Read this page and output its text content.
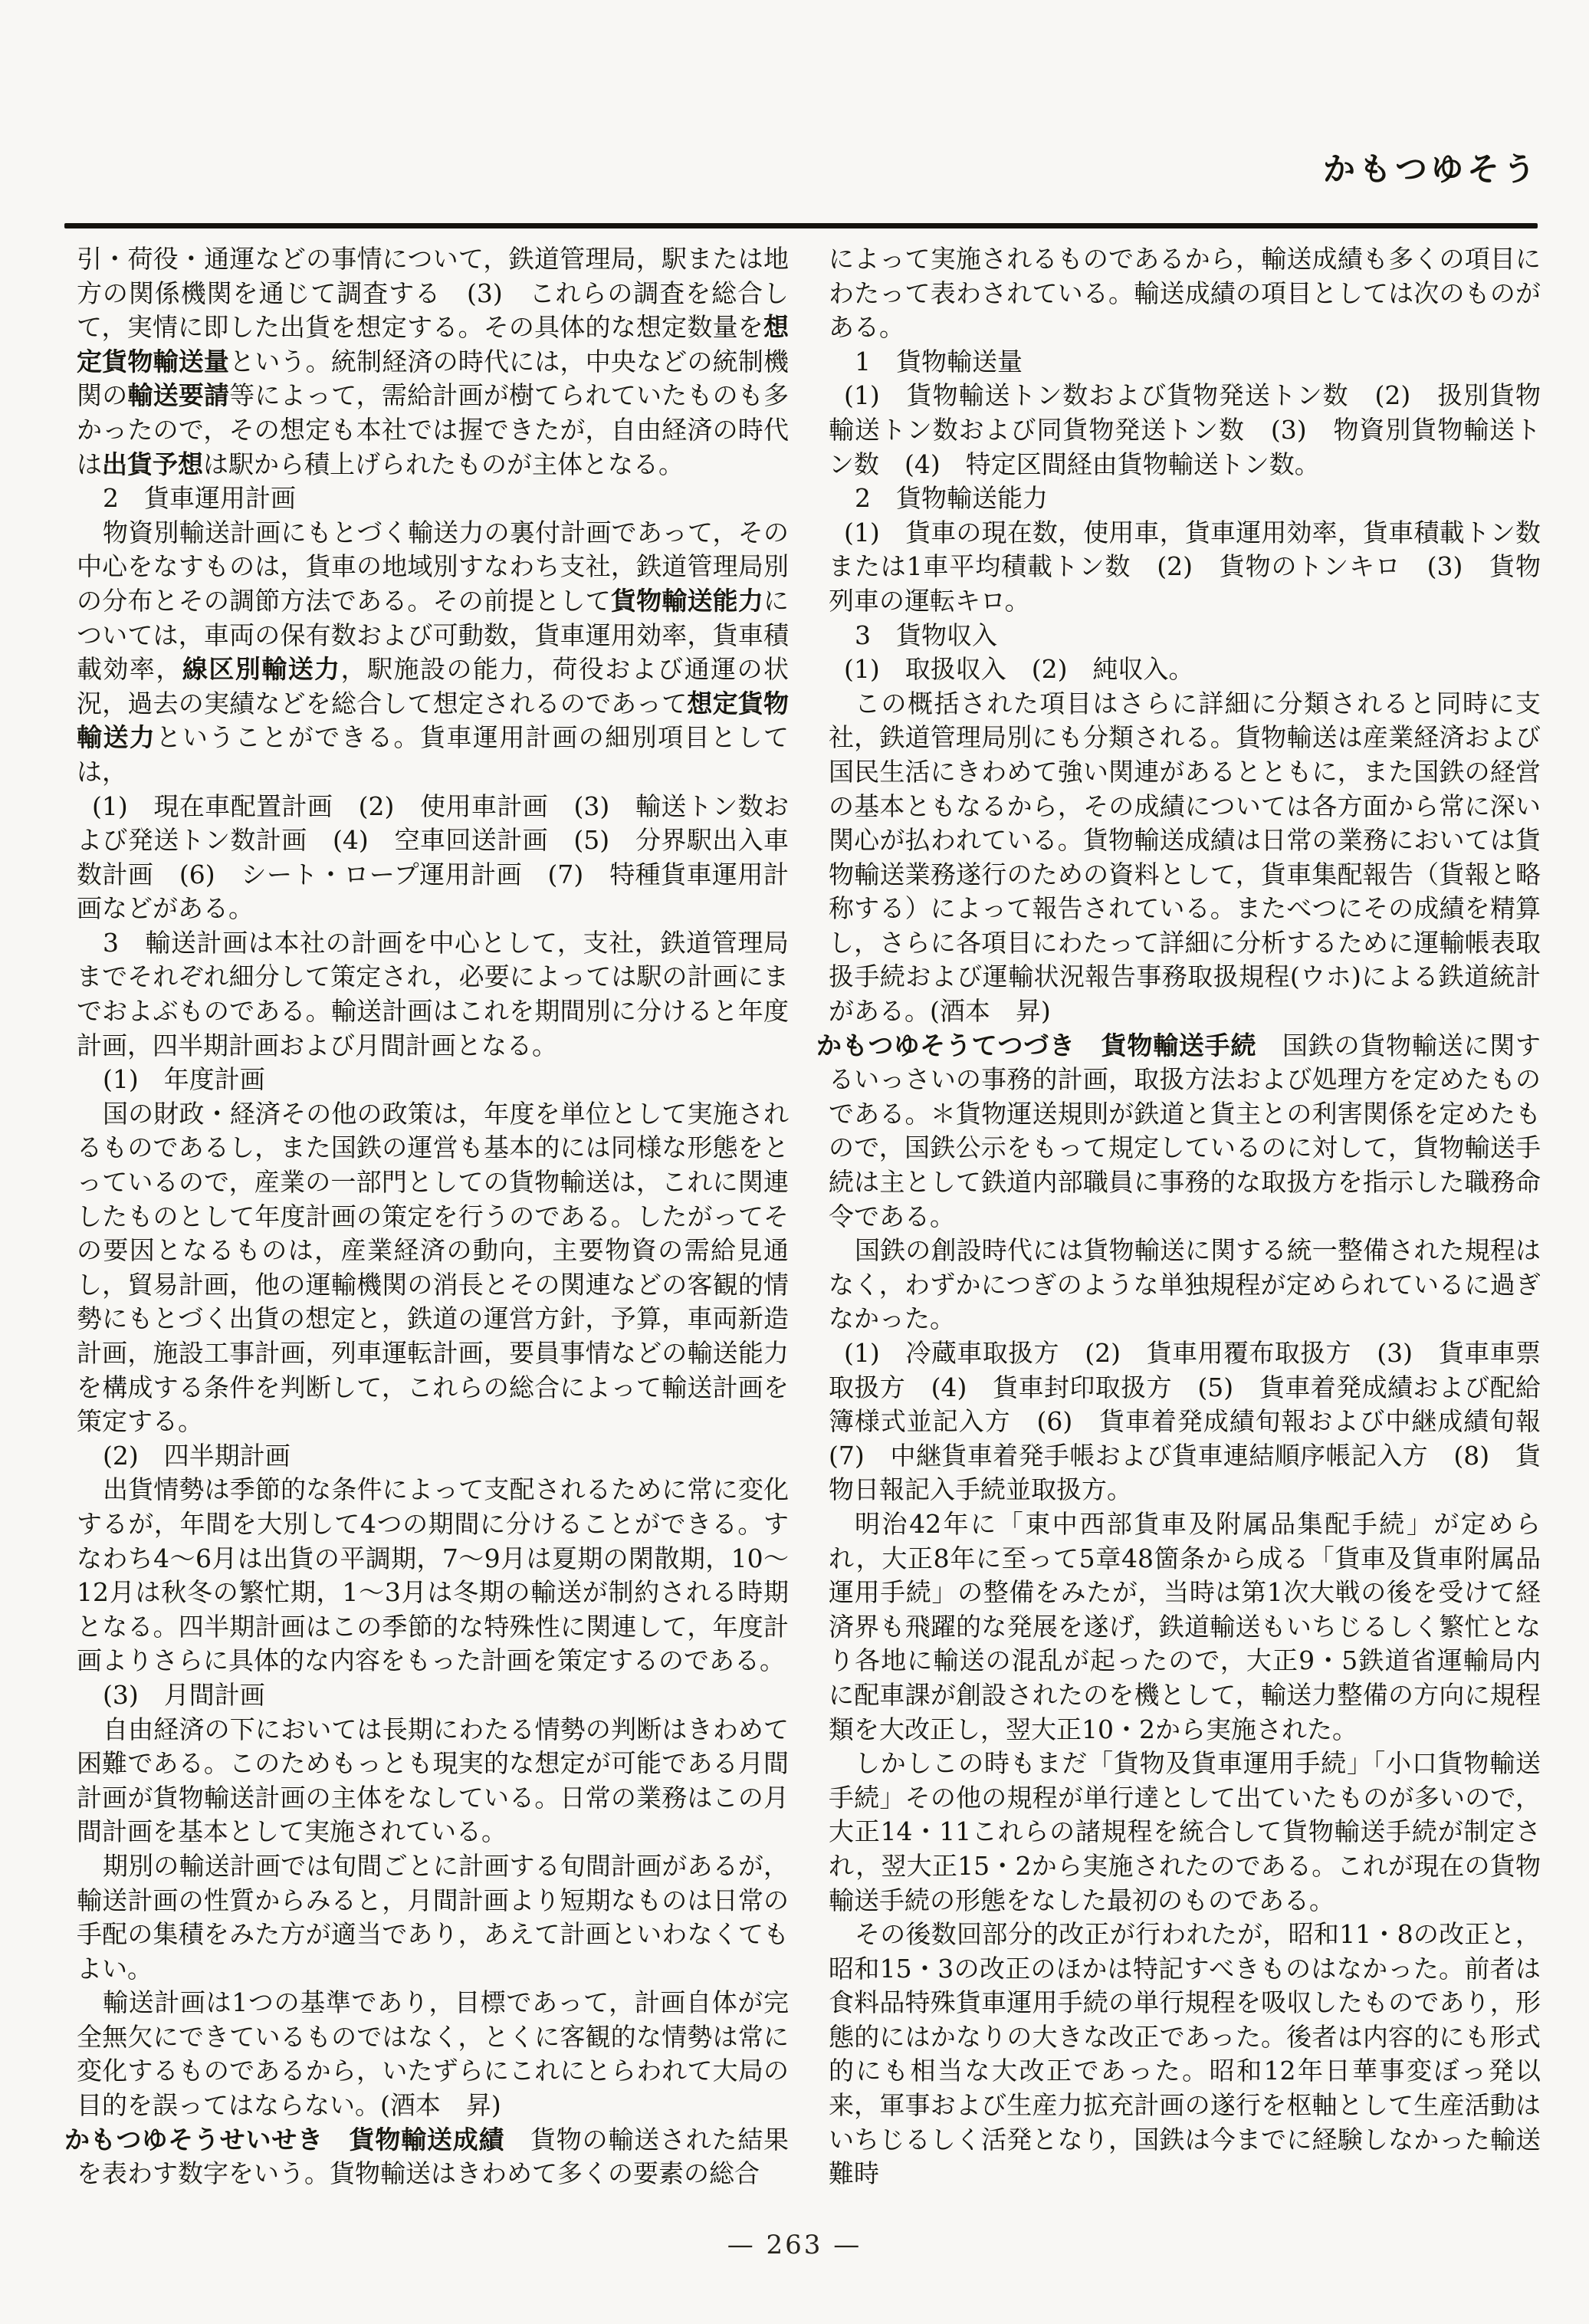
かもつゆそう

引・荷役・通運などの事情について，鉄道管理局，駅または地方の関係機関を通じて調査する　(3)　これらの調査を総合して，実情に即した出貨を想定する。その具体的な想定数量を想定貨物輸送量という。統制経済の時代には，中央などの統制機関の輸送要請等によって，需給計画が樹てられていたものも多かったので，その想定も本社では握できたが，自由経済の時代は出貨予想は駅から積上げられたものが主体となる。

2　貨車運用計画

物資別輸送計画にもとづく輸送力の裏付計画であって，その中心をなすものは，貨車の地域別すなわち支社，鉄道管理局別の分布とその調節方法である。その前提として貨物輸送能力については，車両の保有数および可動数，貨車運用効率，貨車積載効率，線区別輸送力，駅施設の能力，荷役および通運の状況，過去の実績などを総合して想定されるのであって想定貨物輸送力ということができる。貨車運用計画の細別項目としては，

(1)　現在車配置計画　(2)　使用車計画　(3)　輸送トン数および発送トン数計画　(4)　空車回送計画　(5)　分界駅出入車数計画　(6)　シート・ロープ運用計画　(7)　特種貨車運用計画などがある。

3　輸送計画は本社の計画を中心として，支社，鉄道管理局までそれぞれ細分して策定され，必要によっては駅の計画にまでおよぶものである。輸送計画はこれを期間別に分けると年度計画，四半期計画および月間計画となる。

(1)　年度計画

国の財政・経済その他の政策は，年度を単位として実施されるものであるし，また国鉄の運営も基本的には同様な形態をとっているので，産業の一部門としての貨物輸送は，これに関連したものとして年度計画の策定を行うのである。したがってその要因となるものは，産業経済の動向，主要物資の需給見通し，貿易計画，他の運輸機関の消長とその関連などの客観的情勢にもとづく出貨の想定と，鉄道の運営方針，予算，車両新造計画，施設工事計画，列車運転計画，要員事情などの輸送能力を構成する条件を判断して，これらの総合によって輸送計画を策定する。

(2)　四半期計画

出貨情勢は季節的な条件によって支配されるために常に変化するが，年間を大別して4つの期間に分けることができる。すなわち4～6月は出貨の平調期，7～9月は夏期の閑散期，10～12月は秋冬の繁忙期，1～3月は冬期の輸送が制約される時期となる。四半期計画はこの季節的な特殊性に関連して，年度計画よりさらに具体的な内容をもった計画を策定するのである。

(3)　月間計画

自由経済の下においては長期にわたる情勢の判断はきわめて困難である。このためもっとも現実的な想定が可能である月間計画が貨物輸送計画の主体をなしている。日常の業務はこの月間計画を基本として実施されている。

期別の輸送計画では旬間ごとに計画する旬間計画があるが，輸送計画の性質からみると，月間計画より短期なものは日常の手配の集積をみた方が適当であり，あえて計画といわなくてもよい。

輸送計画は1つの基準であり，目標であって，計画自体が完全無欠にできているものではなく，とくに客観的な情勢は常に変化するものであるから，いたずらにこれにとらわれて大局の目的を誤ってはならない。(酒本　昇)

かもつゆそうせいせき　貨物輸送成績　貨物の輸送された結果を表わす数字をいう。貨物輸送はきわめて多くの要素の総合

によって実施されるものであるから，輸送成績も多くの項目にわたって表わされている。輸送成績の項目としては次のものがある。

1　貨物輸送量

(1)　貨物輸送トン数および貨物発送トン数　(2)　扱別貨物輸送トン数および同貨物発送トン数　(3)　物資別貨物輸送トン数　(4)　特定区間経由貨物輸送トン数。

2　貨物輸送能力

(1)　貨車の現在数，使用車，貨車運用効率，貨車積載トン数または1車平均積載トン数　(2)　貨物のトンキロ　(3)　貨物列車の運転キロ。

3　貨物収入

(1)　取扱収入　(2)　純収入。

この概括された項目はさらに詳細に分類されると同時に支社，鉄道管理局別にも分類される。貨物輸送は産業経済および国民生活にきわめて強い関連があるとともに，また国鉄の経営の基本ともなるから，その成績については各方面から常に深い関心が払われている。貨物輸送成績は日常の業務においては貨物輸送業務遂行のための資料として，貨車集配報告（貨報と略称する）によって報告されている。またべつにその成績を精算し，さらに各項目にわたって詳細に分析するために運輸帳表取扱手続および運輸状況報告事務取扱規程(ウホ)による鉄道統計がある。(酒本　昇)

かもつゆそうてつづき　貨物輸送手続　国鉄の貨物輸送に関するいっさいの事務的計画，取扱方法および処理方を定めたものである。＊貨物運送規則が鉄道と貨主との利害関係を定めたもので，国鉄公示をもって規定しているのに対して，貨物輸送手続は主として鉄道内部職員に事務的な取扱方を指示した職務命令である。

国鉄の創設時代には貨物輸送に関する統一整備された規程はなく，わずかにつぎのような単独規程が定められているに過ぎなかった。

(1)　冷蔵車取扱方　(2)　貨車用覆布取扱方　(3)　貨車車票取扱方　(4)　貨車封印取扱方　(5)　貨車着発成績および配給簿様式並記入方　(6)　貨車着発成績旬報および中継成績旬報　(7)　中継貨車着発手帳および貨車連結順序帳記入方　(8)　貨物日報記入手続並取扱方。

明治42年に「東中西部貨車及附属品集配手続」が定められ，大正8年に至って5章48箇条から成る「貨車及貨車附属品運用手続」の整備をみたが，当時は第1次大戦の後を受けて経済界も飛躍的な発展を遂げ，鉄道輸送もいちじるしく繁忙となり各地に輸送の混乱が起ったので，大正9・5鉄道省運輸局内に配車課が創設されたのを機として，輸送力整備の方向に規程類を大改正し，翌大正10・2から実施された。

しかしこの時もまだ「貨物及貨車運用手続」「小口貨物輸送手続」その他の規程が単行達として出ていたものが多いので，大正14・11これらの諸規程を統合して貨物輸送手続が制定され，翌大正15・2から実施されたのである。これが現在の貨物輸送手続の形態をなした最初のものである。

その後数回部分的改正が行われたが，昭和11・8の改正と，昭和15・3の改正のほかは特記すべきものはなかった。前者は食料品特殊貨車運用手続の単行規程を吸収したものであり，形態的にはかなりの大きな改正であった。後者は内容的にも形式的にも相当な大改正であった。昭和12年日華事変ぼっ発以来，軍事および生産力拡充計画の遂行を枢軸として生産活動はいちじるしく活発となり，国鉄は今までに経験しなかった輸送難時

— 263 —
